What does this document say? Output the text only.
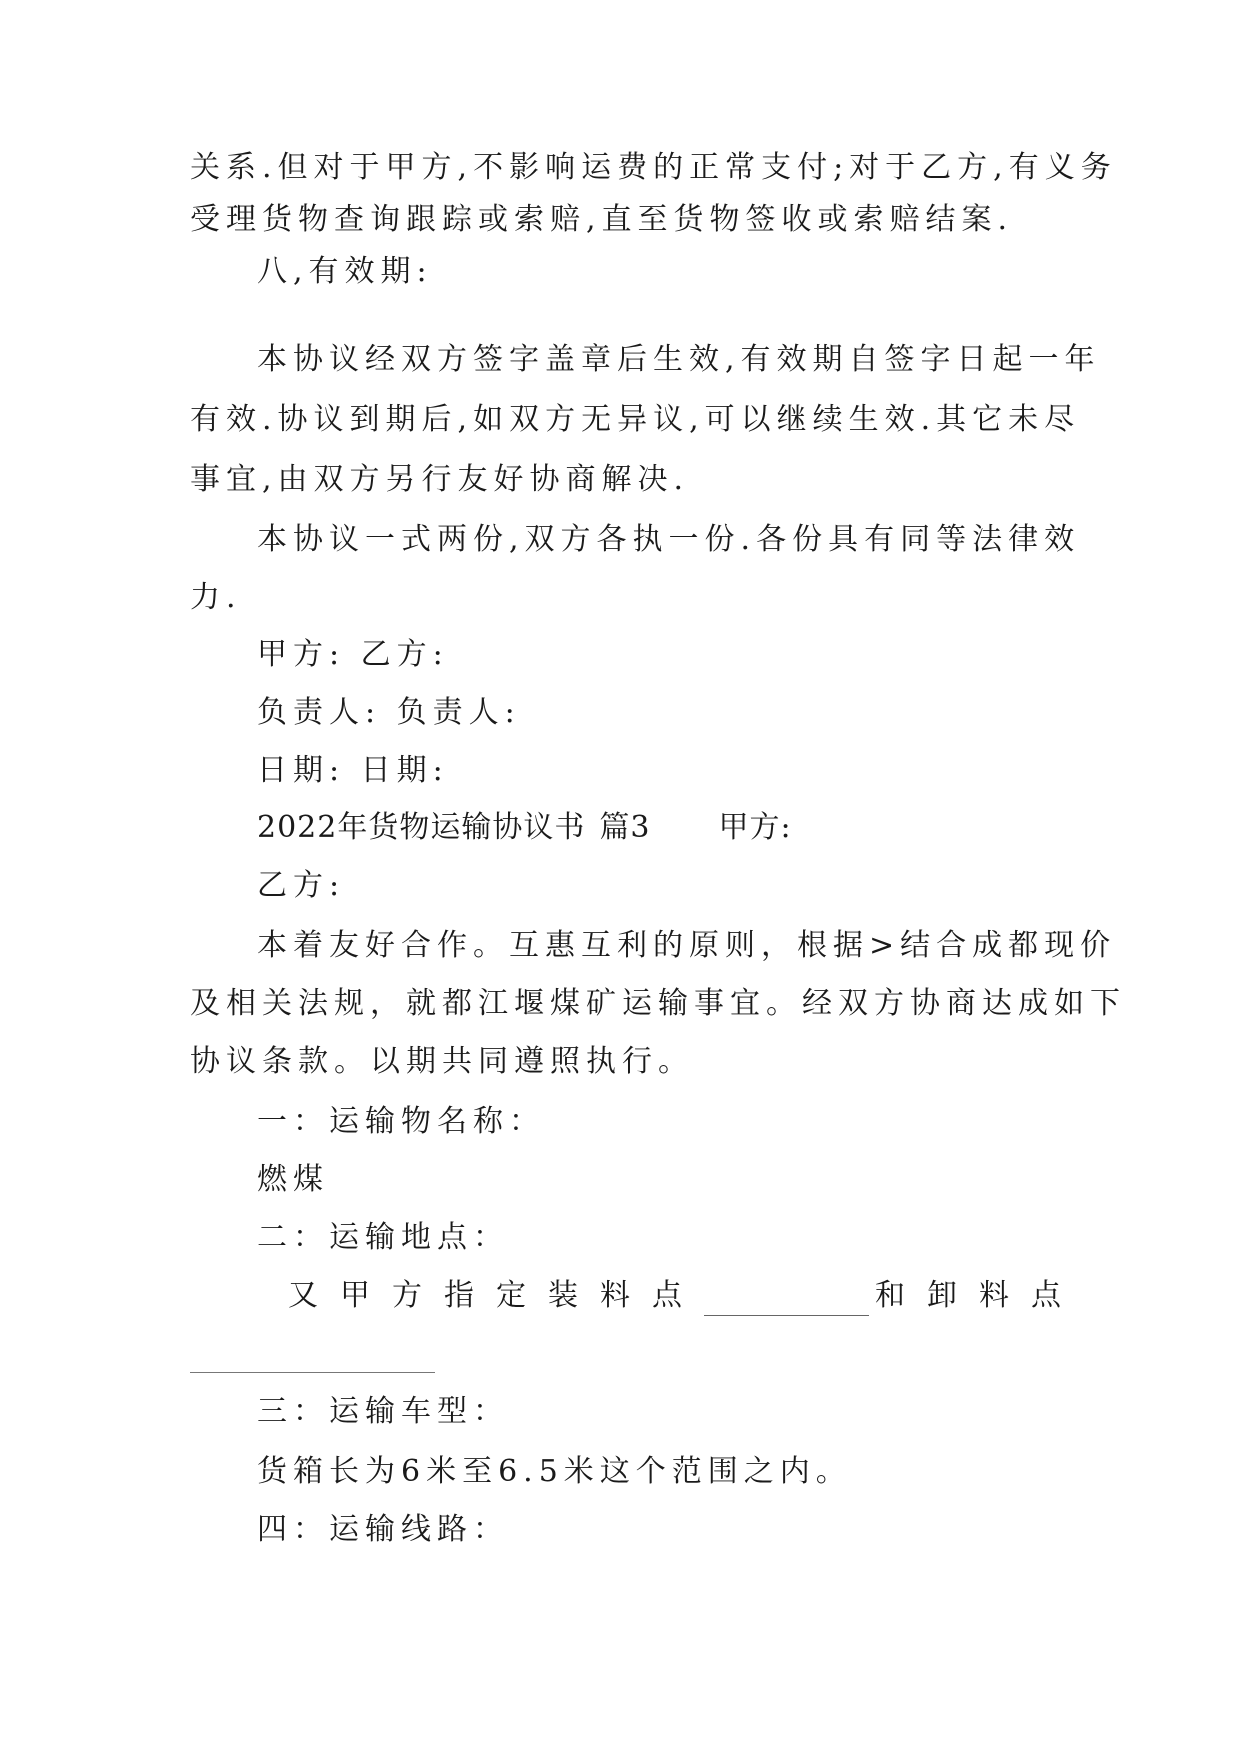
关系.但对于甲方,不影响运费的正常支付;对于乙方,有义务
受理货物查询跟踪或索赔,直至货物签收或索赔结案.
八,有效期:
本协议经双方签字盖章后生效,有效期自签字日起一年
有效.协议到期后,如双方无异议,可以继续生效.其它未尽
事宜,由双方另行友好协商解决.
本协议一式两份,双方各执一份.各份具有同等法律效
力.
甲方: 乙方:
负责人: 负责人:
日期: 日期:
2022年货物运输协议书 篇3 甲方:
乙方:
本着友好合作。互惠互利的原则，根据>结合成都现价
及相关法规，就都江堰煤矿运输事宜。经双方协商达成如下
协议条款。以期共同遵照执行。
一：运输物名称：
燃煤
二：运输地点：
又甲方指定装料点	和卸料点
三：运输车型：
货箱长为6米至6.5米这个范围之内。
四：运输线路：
